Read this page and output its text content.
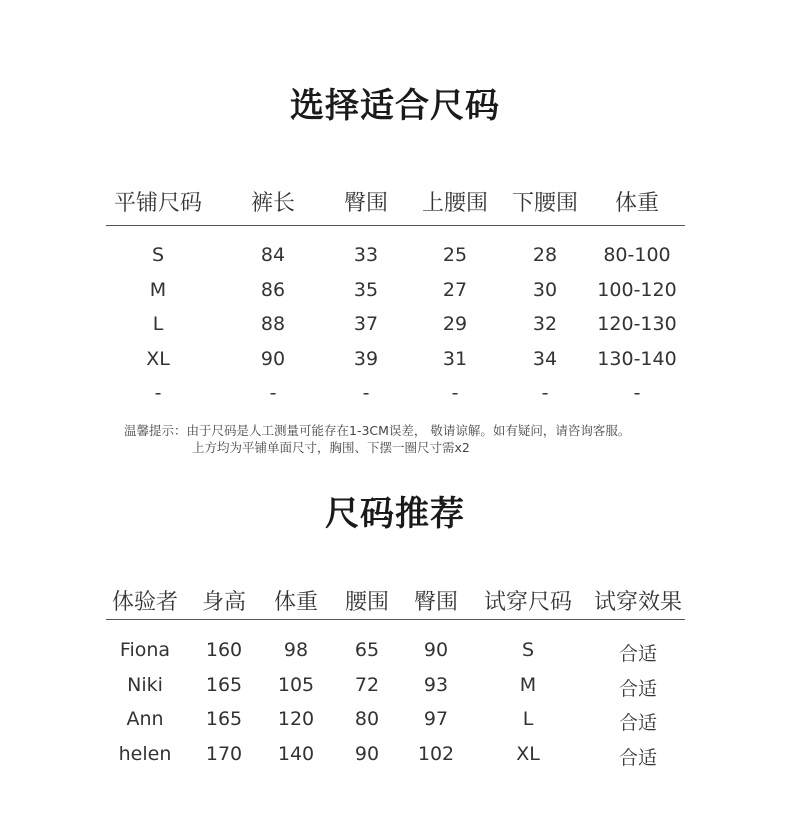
选择适合尺码
平铺尺码 裤长 臀围 上腰围 下腰围 体重
S	84	33	25	28 80-100
M	86	35	27	30 100-120
L	88	37	29	32 120-130
XL	90	39	31	34 130-140
-	-	-	-	-	-
温馨提示：由于尺码是人工测量可能存在1-3CM误差， 敬请谅解。如有疑问，请咨询客服。
上方均为平铺单面尺寸，胸围、下摆一圈尺寸需x2
尺码推荐
体验者 身高 体重 腰围 臀围 试穿尺码 试穿效果
Fiona 160 98 65 90	S	合适
Niki 165 105 72 93	M	合适
Ann 165 120 80 97	L	合适
helen 170 140 90 102	XL	合适
